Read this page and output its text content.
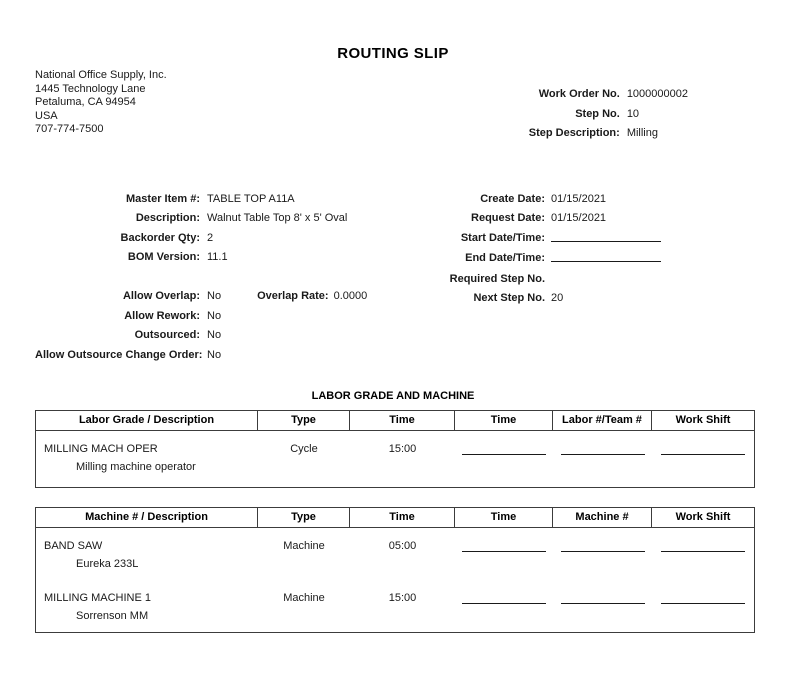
ROUTING SLIP
National Office Supply, Inc.
1445 Technology Lane
Petaluma, CA 94954
USA
707-774-7500
Work Order No. 1000000002
Step No. 10
Step Description: Milling
Master Item #: TABLE TOP A11A
Description: Walnut Table Top 8' x 5' Oval
Backorder Qty: 2
BOM Version: 11.1
Allow Overlap: No	Overlap Rate: 0.0000
Allow Rework: No
Outsourced: No
Allow Outsource Change Order: No
Create Date: 01/15/2021
Request Date: 01/15/2021
Start Date/Time:
End Date/Time:
Required Step No.
Next Step No. 20
LABOR GRADE AND MACHINE
Labor Grade / Description	Type	Time	Time	Labor #/Team #	Work Shift
MILLING MACH OPER
Milling machine operator
Cycle	15:00
Machine # / Description	Type	Time	Time	Machine #	Work Shift
BAND SAW
Eureka 233L
Machine	05:00
MILLING MACHINE 1
Sorrenson MM
Machine	15:00
